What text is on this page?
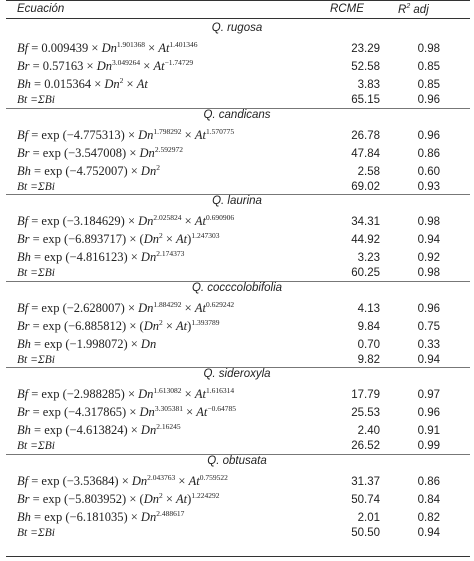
Ecuación	RCME	$R^2$ adj
Q. rugosa
$Bf = 0.009439 \times Dn^{1.901368} \times At^{1.401346}$	23.29	0.98
$Br = 0.57163 \times Dn^{3.049264} \times At^{-1.74729}$	52.58	0.85
$Bh = 0.015364 \times Dn^2 \times At$	3.83	0.85
Bt =ΣBi	65.15	0.96
Q. candicans
$Bf = \exp (-4.775313) \times Dn^{1.798292} \times At^{1.570775}$	26.78	0.96
$Br = \exp (-3.547008) \times Dn^{2.592972}$	47.84	0.86
$Bh = \exp (-4.752007) \times Dn^2$	2.58	0.60
Bt =ΣBi	69.02	0.93
Q. laurina
$Bf = \exp (-3.184629) \times Dn^{2.025824} \times At^{0.690906}$	34.31	0.98
$Br = \exp (-6.893717) \times (Dn^2 \times At)^{1.247303}$	44.92	0.94
$Bh = \exp (-4.816123) \times Dn^{2.174373}$	3.23	0.92
Bt =ΣBi	60.25	0.98
Q. cocccolobifolia
$Bf = \exp (-2.628007) \times Dn^{1.884292} \times At^{0.629242}$	4.13	0.96
$Br = \exp (-6.885812) \times (Dn^2 \times At)^{1.393789}$	9.84	0.75
Bh = exp (−1.998072) × Dn	0.70	0.33
Bt =ΣBi	9.82	0.94
Q. sideroxyla
$Bf = \exp (-2.988285) \times Dn^{1.613082} \times At^{1.616314}$	17.79	0.97
$Br = \exp (-4.317865) \times Dn^{3.305381} \times At^{-0.64785}$	25.53	0.96
$Bh = \exp (-4.613824) \times Dn^{2.16245}$	2.40	0.91
Bt =ΣBi	26.52	0.99
Q. obtusata
$Bf = \exp (-3.53684) \times Dn^{2.043763} \times At^{0.759522}$	31.37	0.86
$Br = \exp (-5.803952) \times (Dn^2 \times At)^{1.224292}$	50.74	0.84
$Bh = \exp (-6.181035) \times Dn^{2.488617}$	2.01	0.82
Bt =ΣBi	50.50	0.94
